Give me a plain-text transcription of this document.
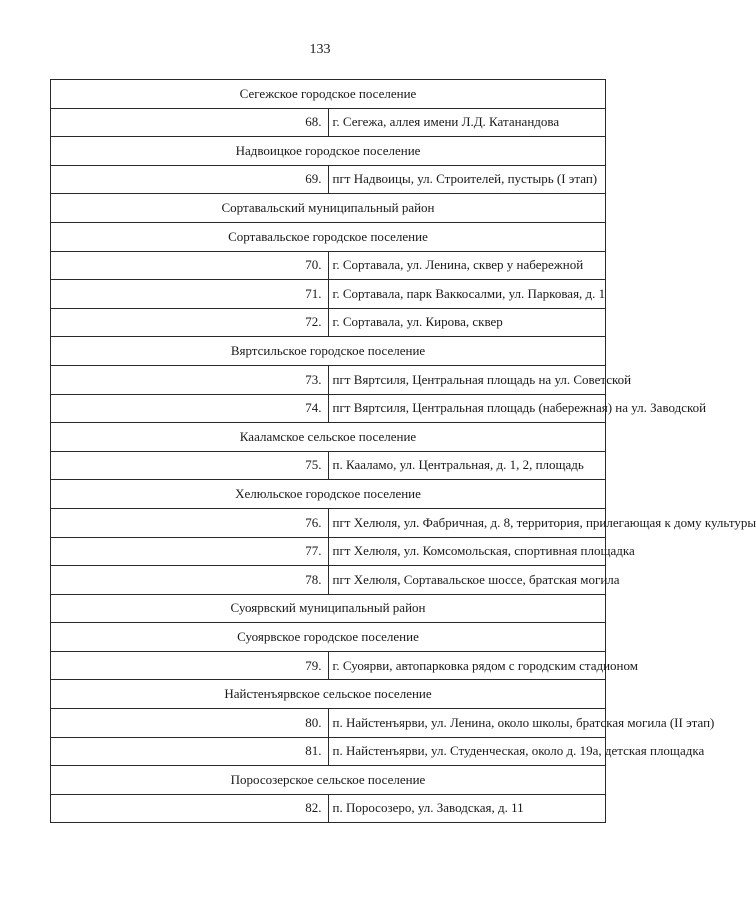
133
Сегежское городское поселение	
68.	г. Сегежа, аллея имени Л.Д. Катанандова
Надвоицкое городское поселение	
69.	пгт Надвоицы, ул. Строителей, пустырь (I этап)
Сортавальский муниципальный район	
Сортавальское городское поселение	
70.	г. Сортавала, ул. Ленина, сквер у набережной
71.	г. Сортавала, парк Ваккосалми, ул. Парковая, д. 1
72.	г. Сортавала, ул. Кирова, сквер
Вяртсильское городское поселение	
73.	пгт Вяртсиля, Центральная площадь на ул. Советской
74.	пгт Вяртсиля, Центральная площадь (набережная) на ул. Заводской
Кааламское сельское поселение	
75.	п. Кааламо, ул. Центральная, д. 1, 2, площадь
Хелюльское городское поселение	
76.	пгт Хелюля, ул. Фабричная, д. 8, территория, прилегающая к дому культуры
77.	пгт Хелюля, ул. Комсомольская, спортивная площадка
78.	пгт Хелюля, Сортавальское шоссе, братская могила
Суоярвский муниципальный район	
Суоярвское городское поселение	
79.	г. Суоярви, автопарковка рядом с городским стадионом
Найстенъярвское сельское поселение	
80.	п. Найстенъярви, ул. Ленина, около школы, братская могила (II этап)
81.	п. Найстенъярви, ул. Студенческая, около д. 19а, детская площадка
Поросозерское сельское поселение	
82.	п. Поросозеро, ул. Заводская, д. 11
